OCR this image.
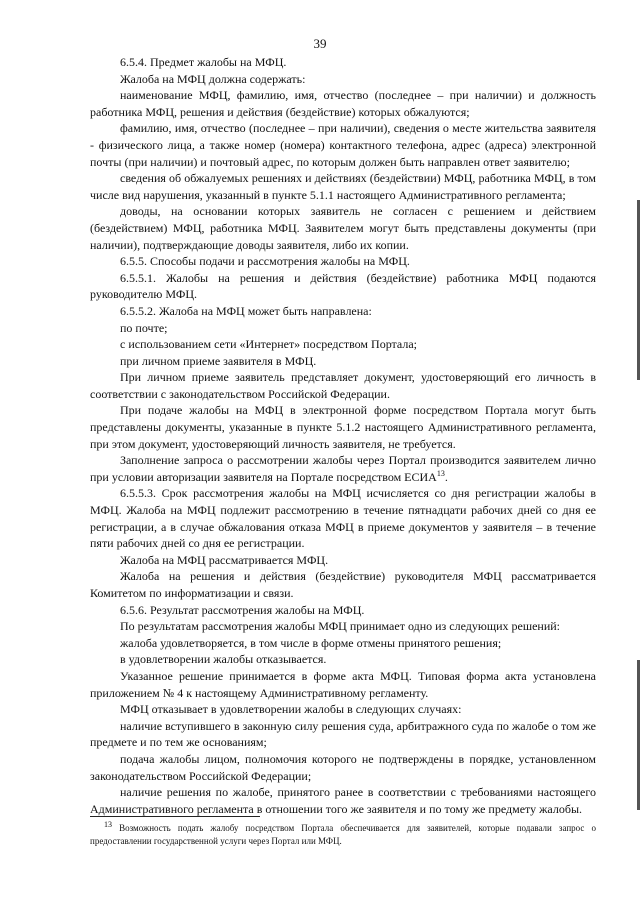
39

6.5.4. Предмет жалобы на МФЦ.

Жалоба на МФЦ должна содержать:

наименование МФЦ, фамилию, имя, отчество (последнее – при наличии) и должность работника МФЦ, решения и действия (бездействие) которых обжалуются;

фамилию, имя, отчество (последнее – при наличии), сведения о месте жительства заявителя - физического лица, а также номер (номера) контактного телефона, адрес (адреса) электронной почты (при наличии) и почтовый адрес, по которым должен быть направлен ответ заявителю;

сведения об обжалуемых решениях и действиях (бездействии) МФЦ, работника МФЦ, в том числе вид нарушения, указанный в пункте 5.1.1 настоящего Административного регламента;

доводы, на основании которых заявитель не согласен с решением и действием (бездействием) МФЦ, работника МФЦ. Заявителем могут быть представлены документы (при наличии), подтверждающие доводы заявителя, либо их копии.

6.5.5. Способы подачи и рассмотрения жалобы на МФЦ.

6.5.5.1. Жалобы на решения и действия (бездействие) работника МФЦ подаются руководителю МФЦ.

6.5.5.2. Жалоба на МФЦ может быть направлена:

по почте;

с использованием сети «Интернет» посредством Портала;

при личном приеме заявителя в МФЦ.

При личном приеме заявитель представляет документ, удостоверяющий его личность в соответствии с законодательством Российской Федерации.

При подаче жалобы на МФЦ в электронной форме посредством Портала могут быть представлены документы, указанные в пункте 5.1.2 настоящего Административного регламента, при этом документ, удостоверяющий личность заявителя, не требуется.

Заполнение запроса о рассмотрении жалобы через Портал производится заявителем лично при условии авторизации заявителя на Портале посредством ЕСИА$^{13}$.

6.5.5.3. Срок рассмотрения жалобы на МФЦ исчисляется со дня регистрации жалобы в МФЦ. Жалоба на МФЦ подлежит рассмотрению в течение пятнадцати рабочих дней со дня ее регистрации, а в случае обжалования отказа МФЦ в приеме документов у заявителя – в течение пяти рабочих дней со дня ее регистрации.

Жалоба на МФЦ рассматривается МФЦ.

Жалоба на решения и действия (бездействие) руководителя МФЦ рассматривается Комитетом по информатизации и связи.

6.5.6. Результат рассмотрения жалобы на МФЦ.

По результатам рассмотрения жалобы МФЦ принимает одно из следующих решений:

жалоба удовлетворяется, в том числе в форме отмены принятого решения;

в удовлетворении жалобы отказывается.

Указанное решение принимается в форме акта МФЦ. Типовая форма акта установлена приложением № 4 к настоящему Административному регламенту.

МФЦ отказывает в удовлетворении жалобы в следующих случаях:

наличие вступившего в законную силу решения суда, арбитражного суда по жалобе о том же предмете и по тем же основаниям;

подача жалобы лицом, полномочия которого не подтверждены в порядке, установленном законодательством Российской Федерации;

наличие решения по жалобе, принятого ранее в соответствии с требованиями настоящего Административного регламента в отношении того же заявителя и по тому же предмету жалобы.

$^{13}$ Возможность подать жалобу посредством Портала обеспечивается для заявителей, которые подавали запрос о предоставлении государственной услуги через Портал или МФЦ.
